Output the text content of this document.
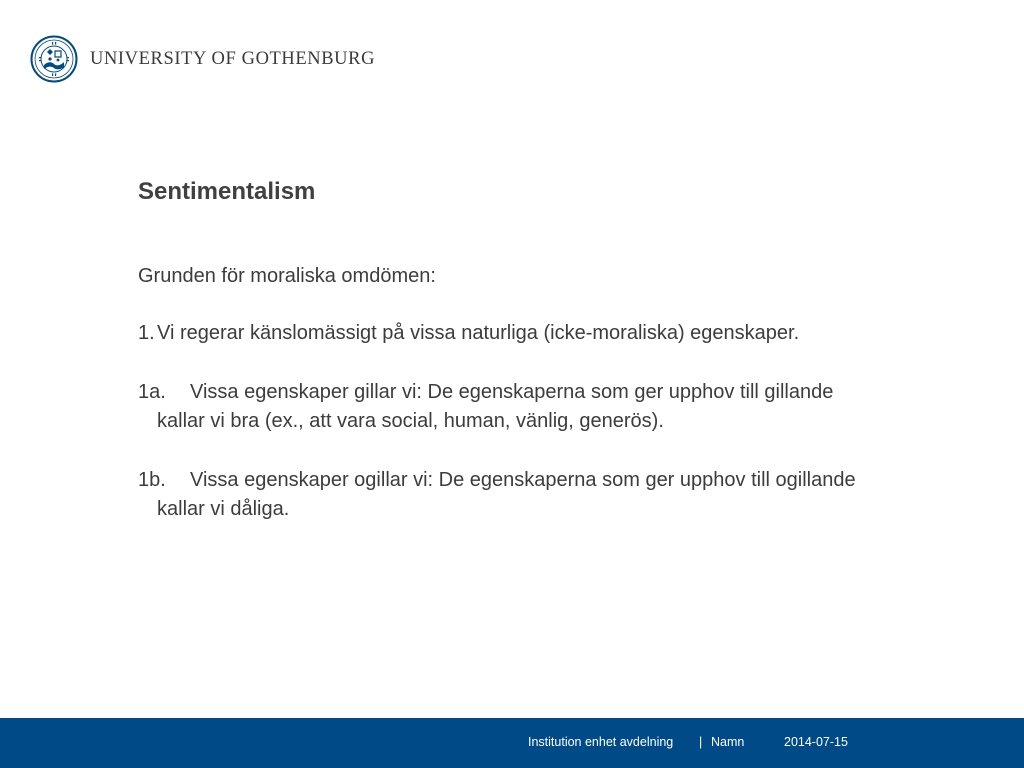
UNIVERSITY OF GOTHENBURG
Sentimentalism

Grunden för moraliska omdömen:

1. Vi regerar känslomässigt på vissa naturliga (icke-moraliska) egenskaper.
1a.	Vissa egenskaper gillar vi: De egenskaperna som ger upphov till gillande kallar vi bra (ex., att vara social, human, vänlig, generös).
1b.	Vissa egenskaper ogillar vi: De egenskaperna som ger upphov till ogillande kallar vi dåliga.
Institution enhet avdelning | Namn	2014-07-15
